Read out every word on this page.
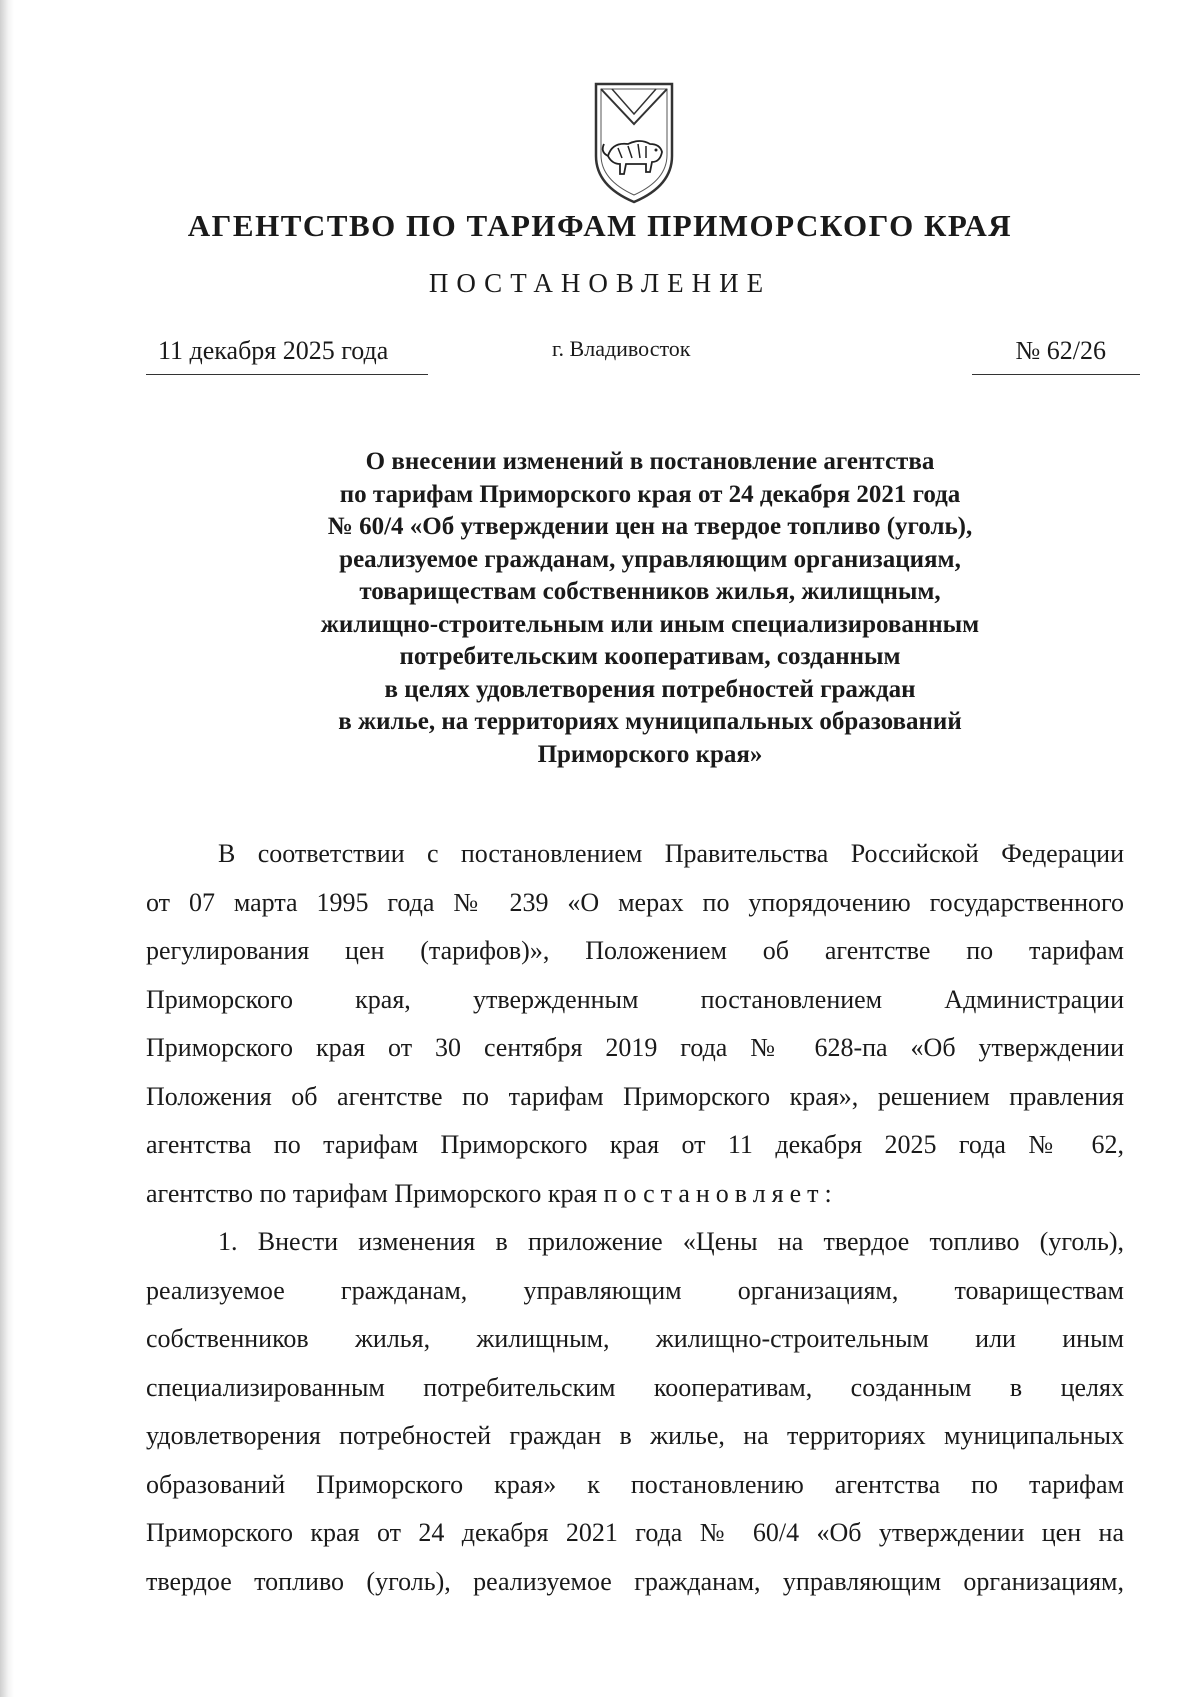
АГЕНТСТВО ПО ТАРИФАМ ПРИМОРСКОГО КРАЯ
ПОСТАНОВЛЕНИЕ
11 декабря 2025 года	г. Владивосток	№ 62/26
О внесении изменений в постановление агентства
по тарифам Приморского края от 24 декабря 2021 года
№ 60/4 «Об утверждении цен на твердое топливо (уголь),
реализуемое гражданам, управляющим организациям,
товариществам собственников жилья, жилищным,
жилищно-строительным или иным специализированным
потребительским кооперативам, созданным
в целях удовлетворения потребностей граждан
в жилье, на территориях муниципальных образований
Приморского края»
В соответствии с постановлением Правительства Российской Федерации
от 07 марта 1995 года № 239 «О мерах по упорядочению государственного
регулирования цен (тарифов)», Положением об агентстве по тарифам
Приморского края, утвержденным постановлением Администрации
Приморского края от 30 сентября 2019 года № 628-па «Об утверждении
Положения об агентстве по тарифам Приморского края», решением правления
агентства по тарифам Приморского края от 11 декабря 2025 года № 62,
агентство по тарифам Приморского края постановляет:
1. Внести изменения в приложение «Цены на твердое топливо (уголь),
реализуемое гражданам, управляющим организациям, товариществам
собственников жилья, жилищным, жилищно-строительным или иным
специализированным потребительским кооперативам, созданным в целях
удовлетворения потребностей граждан в жилье, на территориях муниципальных
образований Приморского края» к постановлению агентства по тарифам
Приморского края от 24 декабря 2021 года № 60/4 «Об утверждении цен на
твердое топливо (уголь), реализуемое гражданам, управляющим организациям,
